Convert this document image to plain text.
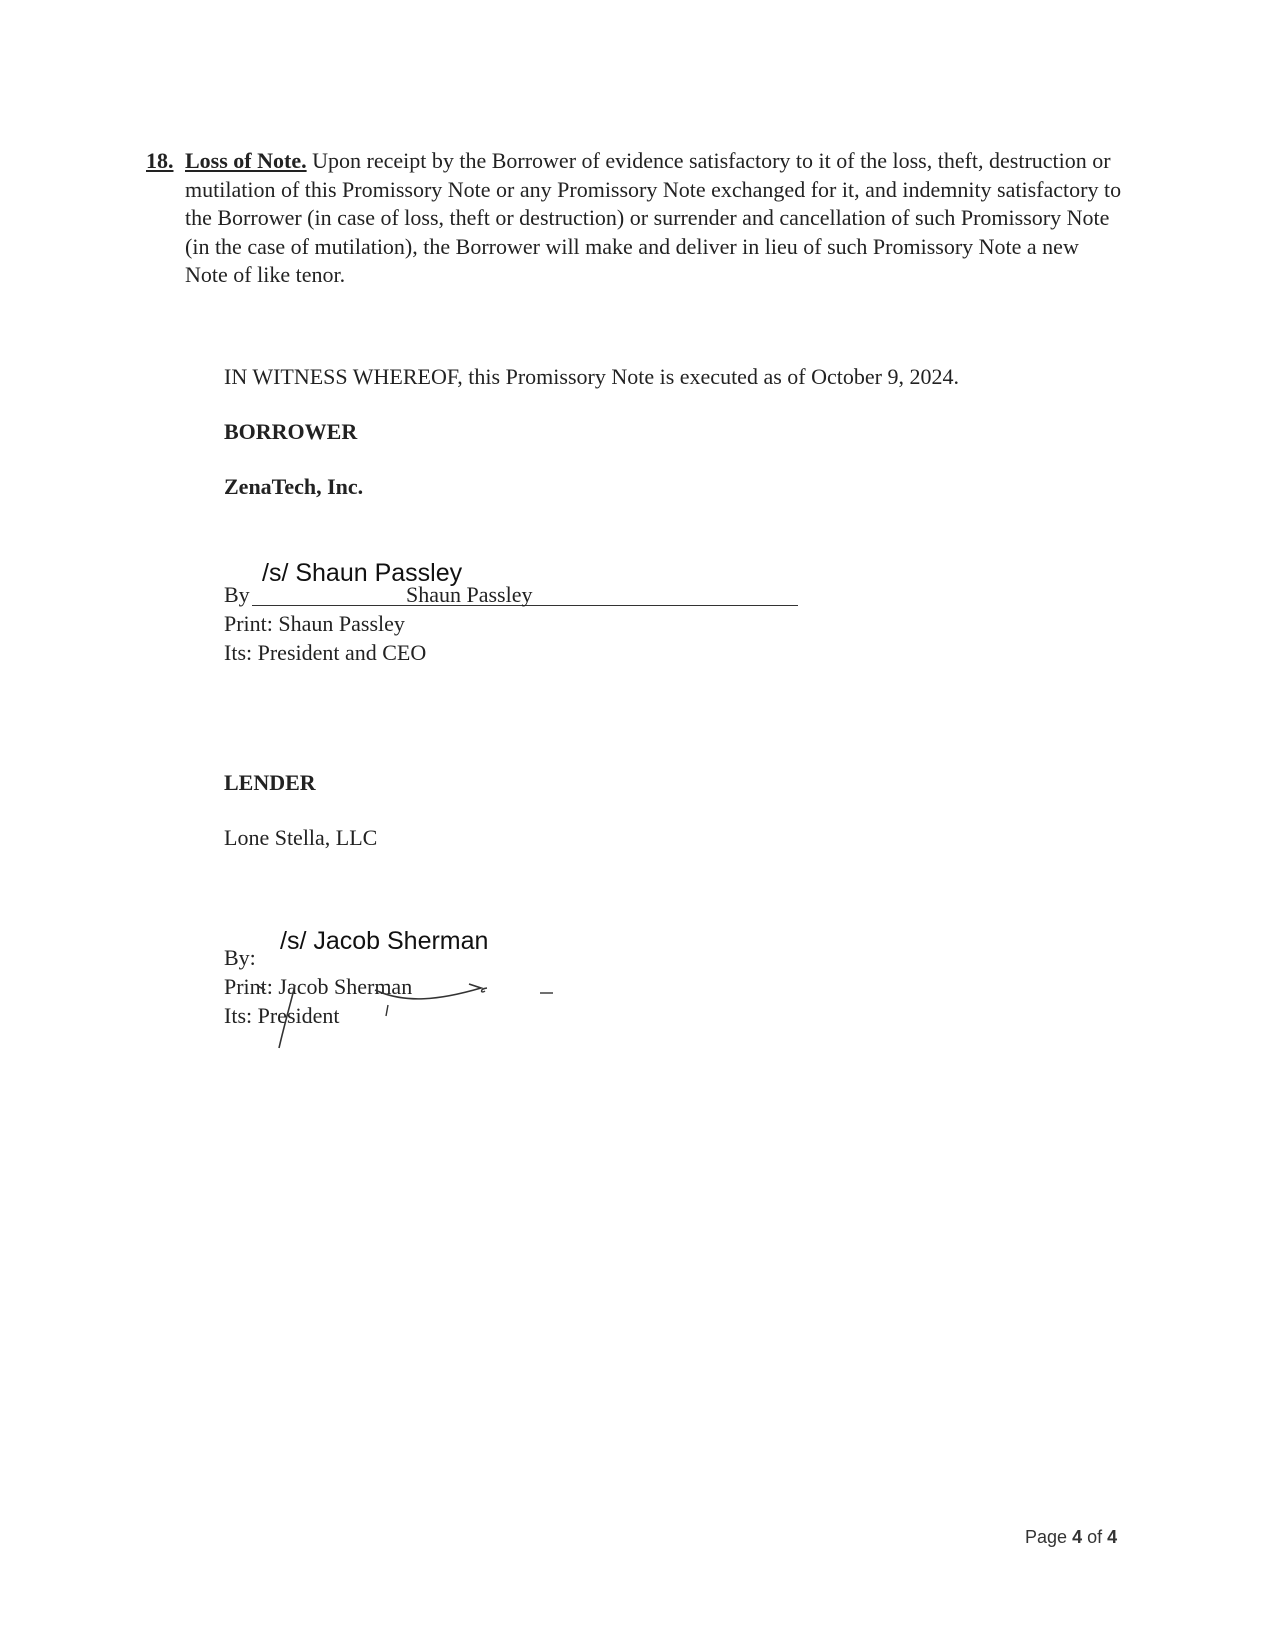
18. Loss of Note. Upon receipt by the Borrower of evidence satisfactory to it of the loss, theft, destruction or mutilation of this Promissory Note or any Promissory Note exchanged for it, and indemnity satisfactory to the Borrower (in case of loss, theft or destruction) or surrender and cancellation of such Promissory Note (in the case of mutilation), the Borrower will make and deliver in lieu of such Promissory Note a new Note of like tenor.
IN WITNESS WHEREOF, this Promissory Note is executed as of October 9, 2024.
BORROWER
ZenaTech, Inc.
/s/ Shaun Passley
By	Shaun Passley
Print: Shaun Passley
Its: President and CEO
LENDER
Lone Stella, LLC
/s/ Jacob Sherman
By:
Print: Jacob Sherman
Its: President
Page 4 of 4
